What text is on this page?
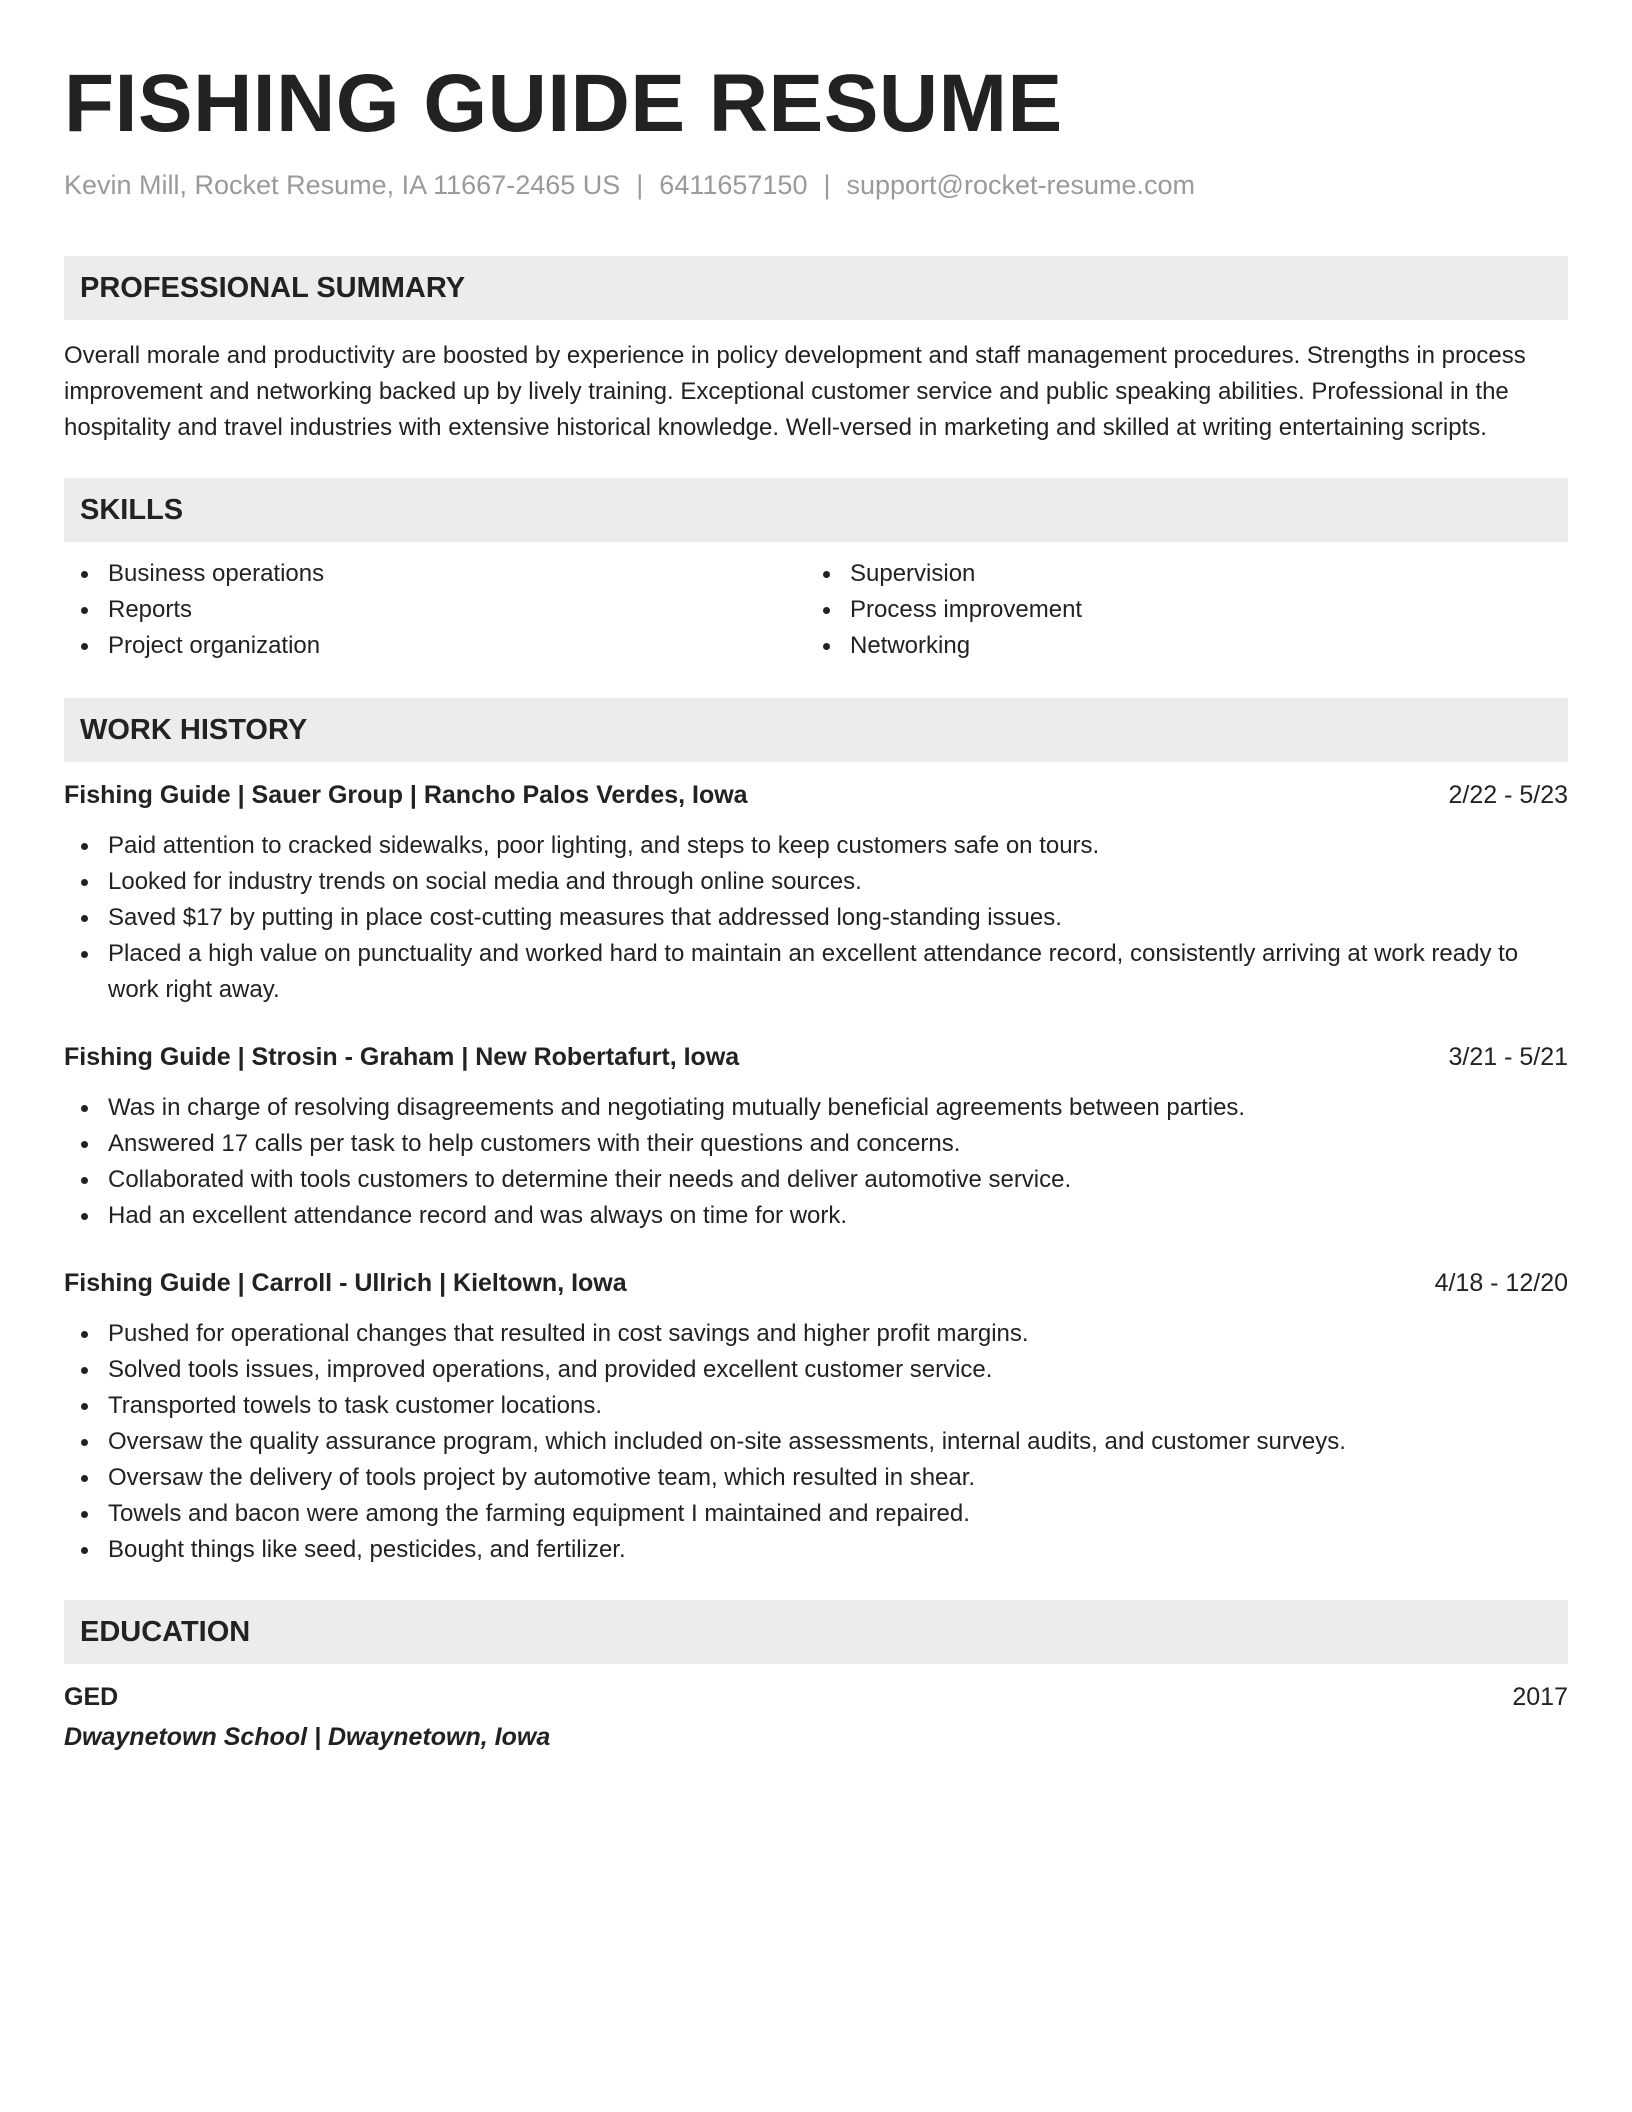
FISHING GUIDE RESUME
Kevin Mill, Rocket Resume, IA 11667-2465 US | 6411657150 | support@rocket-resume.com
PROFESSIONAL SUMMARY
Overall morale and productivity are boosted by experience in policy development and staff management procedures. Strengths in process improvement and networking backed up by lively training. Exceptional customer service and public speaking abilities. Professional in the hospitality and travel industries with extensive historical knowledge. Well-versed in marketing and skilled at writing entertaining scripts.
SKILLS
Business operations
Reports
Project organization
Supervision
Process improvement
Networking
WORK HISTORY
Fishing Guide | Sauer Group | Rancho Palos Verdes, Iowa	2/22 - 5/23
Paid attention to cracked sidewalks, poor lighting, and steps to keep customers safe on tours.
Looked for industry trends on social media and through online sources.
Saved $17 by putting in place cost-cutting measures that addressed long-standing issues.
Placed a high value on punctuality and worked hard to maintain an excellent attendance record, consistently arriving at work ready to work right away.
Fishing Guide | Strosin - Graham | New Robertafurt, Iowa	3/21 - 5/21
Was in charge of resolving disagreements and negotiating mutually beneficial agreements between parties.
Answered 17 calls per task to help customers with their questions and concerns.
Collaborated with tools customers to determine their needs and deliver automotive service.
Had an excellent attendance record and was always on time for work.
Fishing Guide | Carroll - Ullrich | Kieltown, Iowa	4/18 - 12/20
Pushed for operational changes that resulted in cost savings and higher profit margins.
Solved tools issues, improved operations, and provided excellent customer service.
Transported towels to task customer locations.
Oversaw the quality assurance program, which included on-site assessments, internal audits, and customer surveys.
Oversaw the delivery of tools project by automotive team, which resulted in shear.
Towels and bacon were among the farming equipment I maintained and repaired.
Bought things like seed, pesticides, and fertilizer.
EDUCATION
GED	2017
Dwaynetown School | Dwaynetown, Iowa
